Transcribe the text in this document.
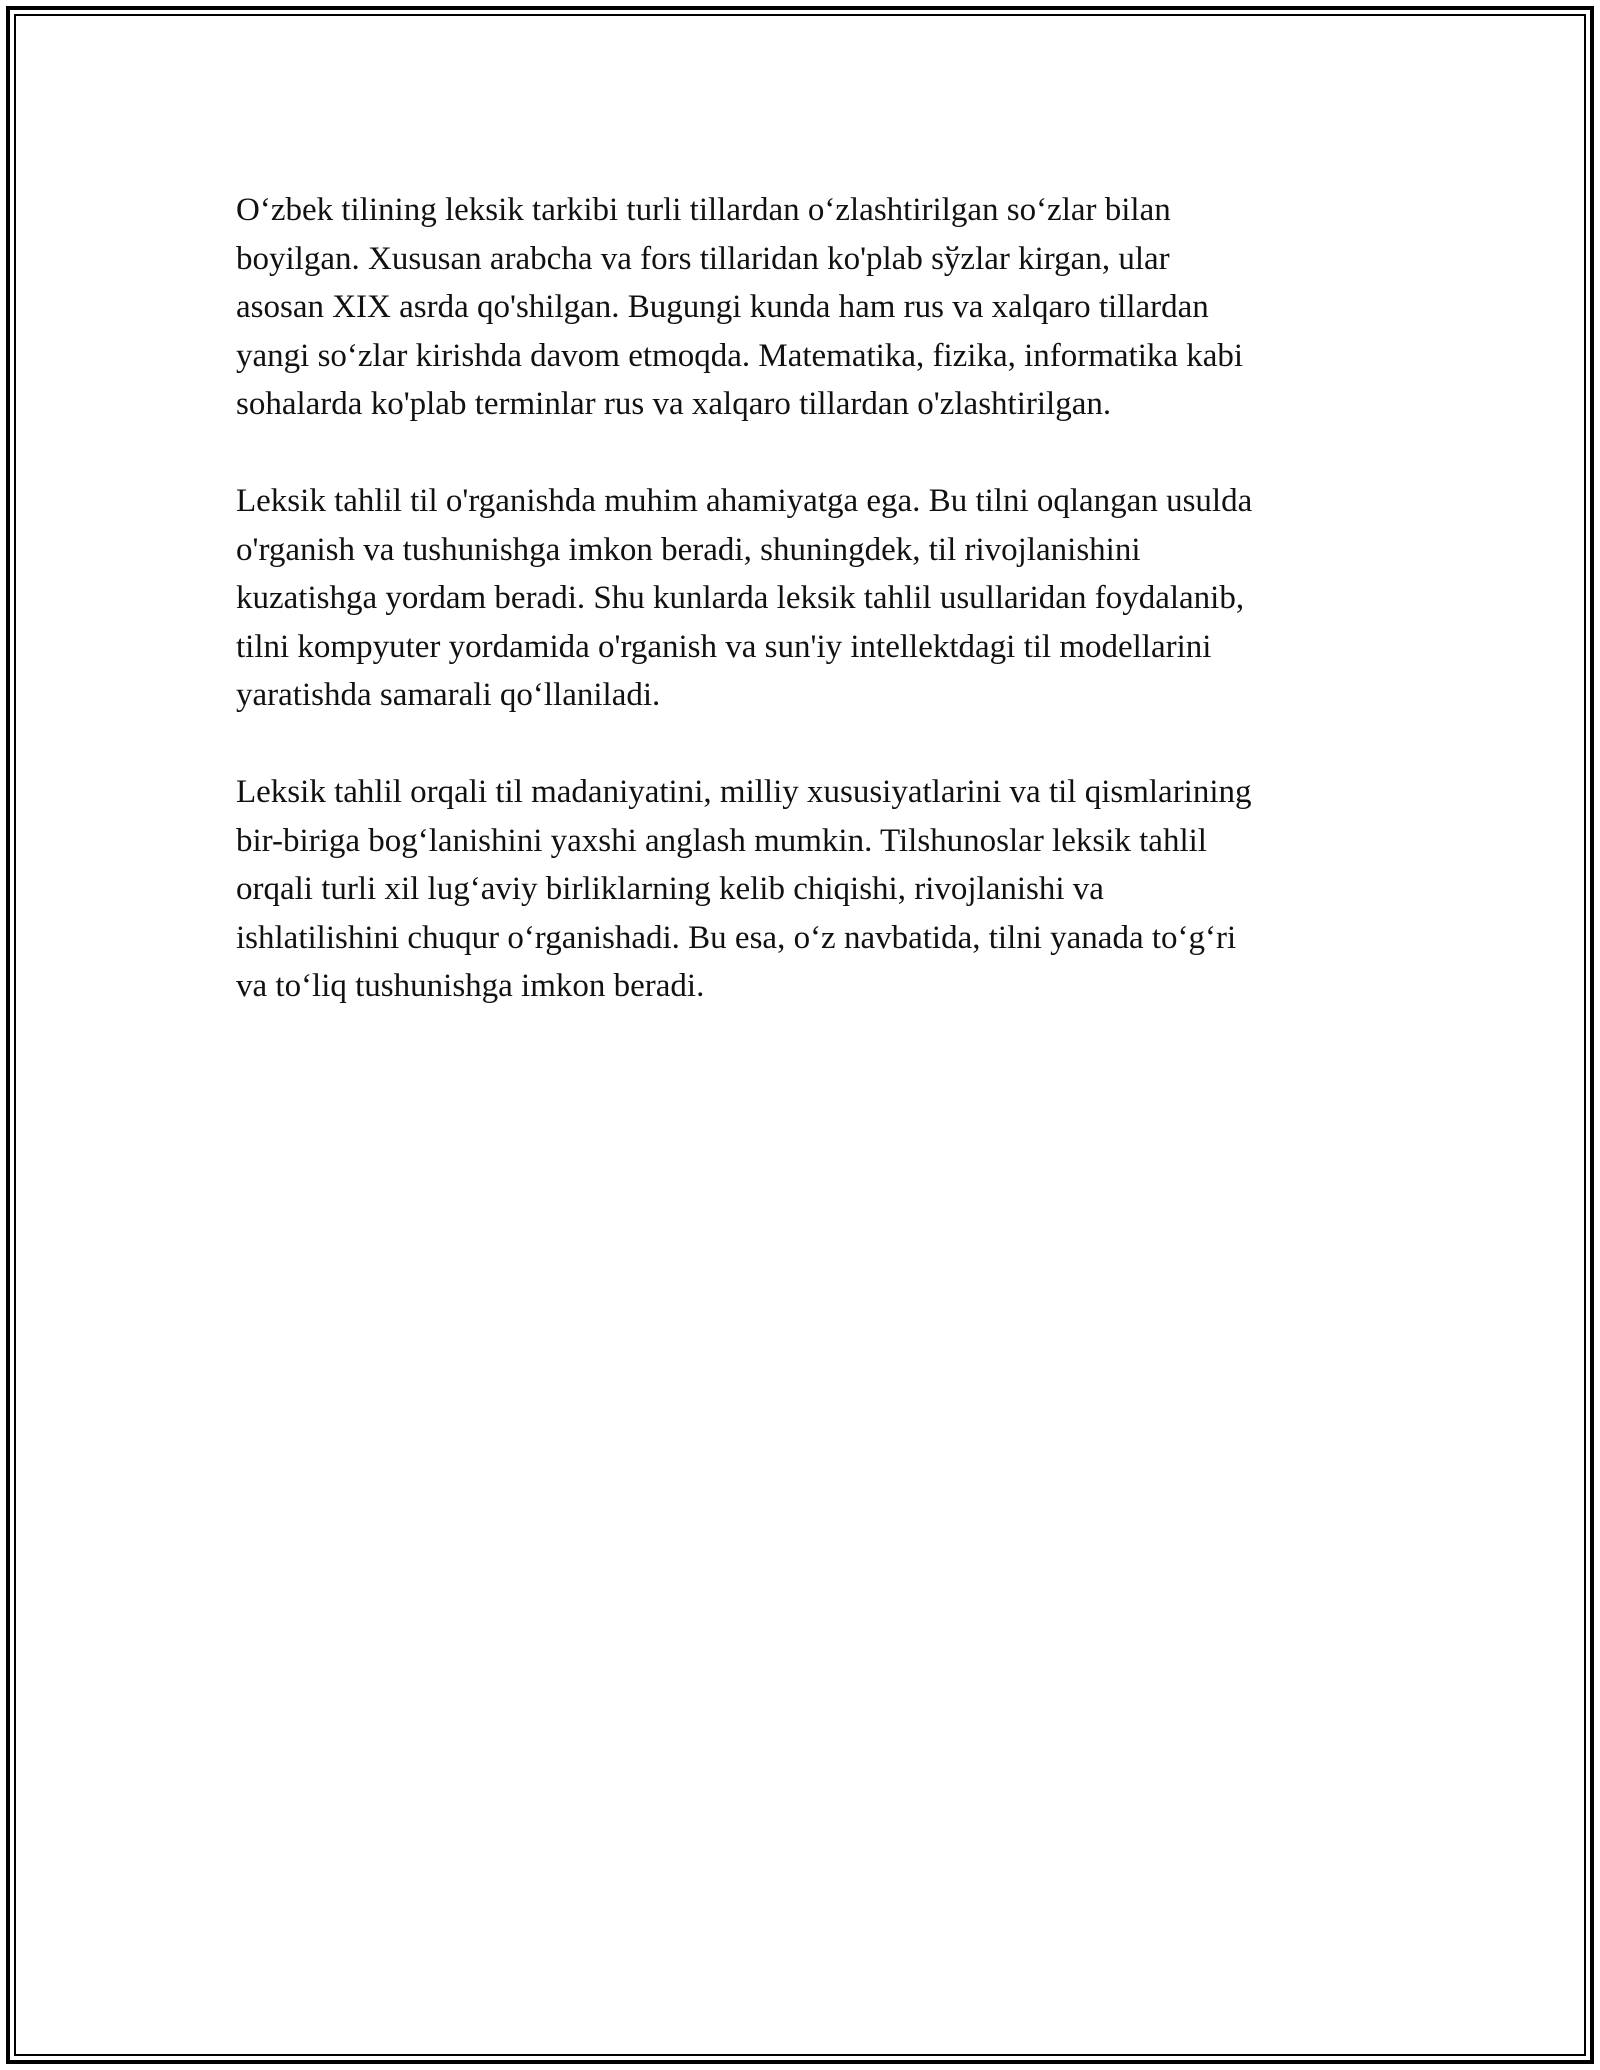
O‘zbek tilining leksik tarkibi turli tillardan o‘zlashtirilgan so‘zlar bilan
boyilgan. Xususan arabcha va fors tillaridan ko'plab sўzlar kirgan, ular
asosan XIX asrda qo'shilgan. Bugungi kunda ham rus va xalqaro tillardan
yangi so‘zlar kirishda davom etmoqda. Matematika, fizika, informatika kabi
sohalarda ko'plab terminlar rus va xalqaro tillardan o'zlashtirilgan.

Leksik tahlil til o'rganishda muhim ahamiyatga ega. Bu tilni oqlangan usulda
o'rganish va tushunishga imkon beradi, shuningdek, til rivojlanishini
kuzatishga yordam beradi. Shu kunlarda leksik tahlil usullaridan foydalanib,
tilni kompyuter yordamida o'rganish va sun'iy intellektdagi til modellarini
yaratishda samarali qo‘llaniladi.

Leksik tahlil orqali til madaniyatini, milliy xususiyatlarini va til qismlarining
bir-biriga bog‘lanishini yaxshi anglash mumkin. Tilshunoslar leksik tahlil
orqali turli xil lug‘aviy birliklarning kelib chiqishi, rivojlanishi va
ishlatilishini chuqur o‘rganishadi. Bu esa, o‘z navbatida, tilni yanada to‘g‘ri
va to‘liq tushunishga imkon beradi.
